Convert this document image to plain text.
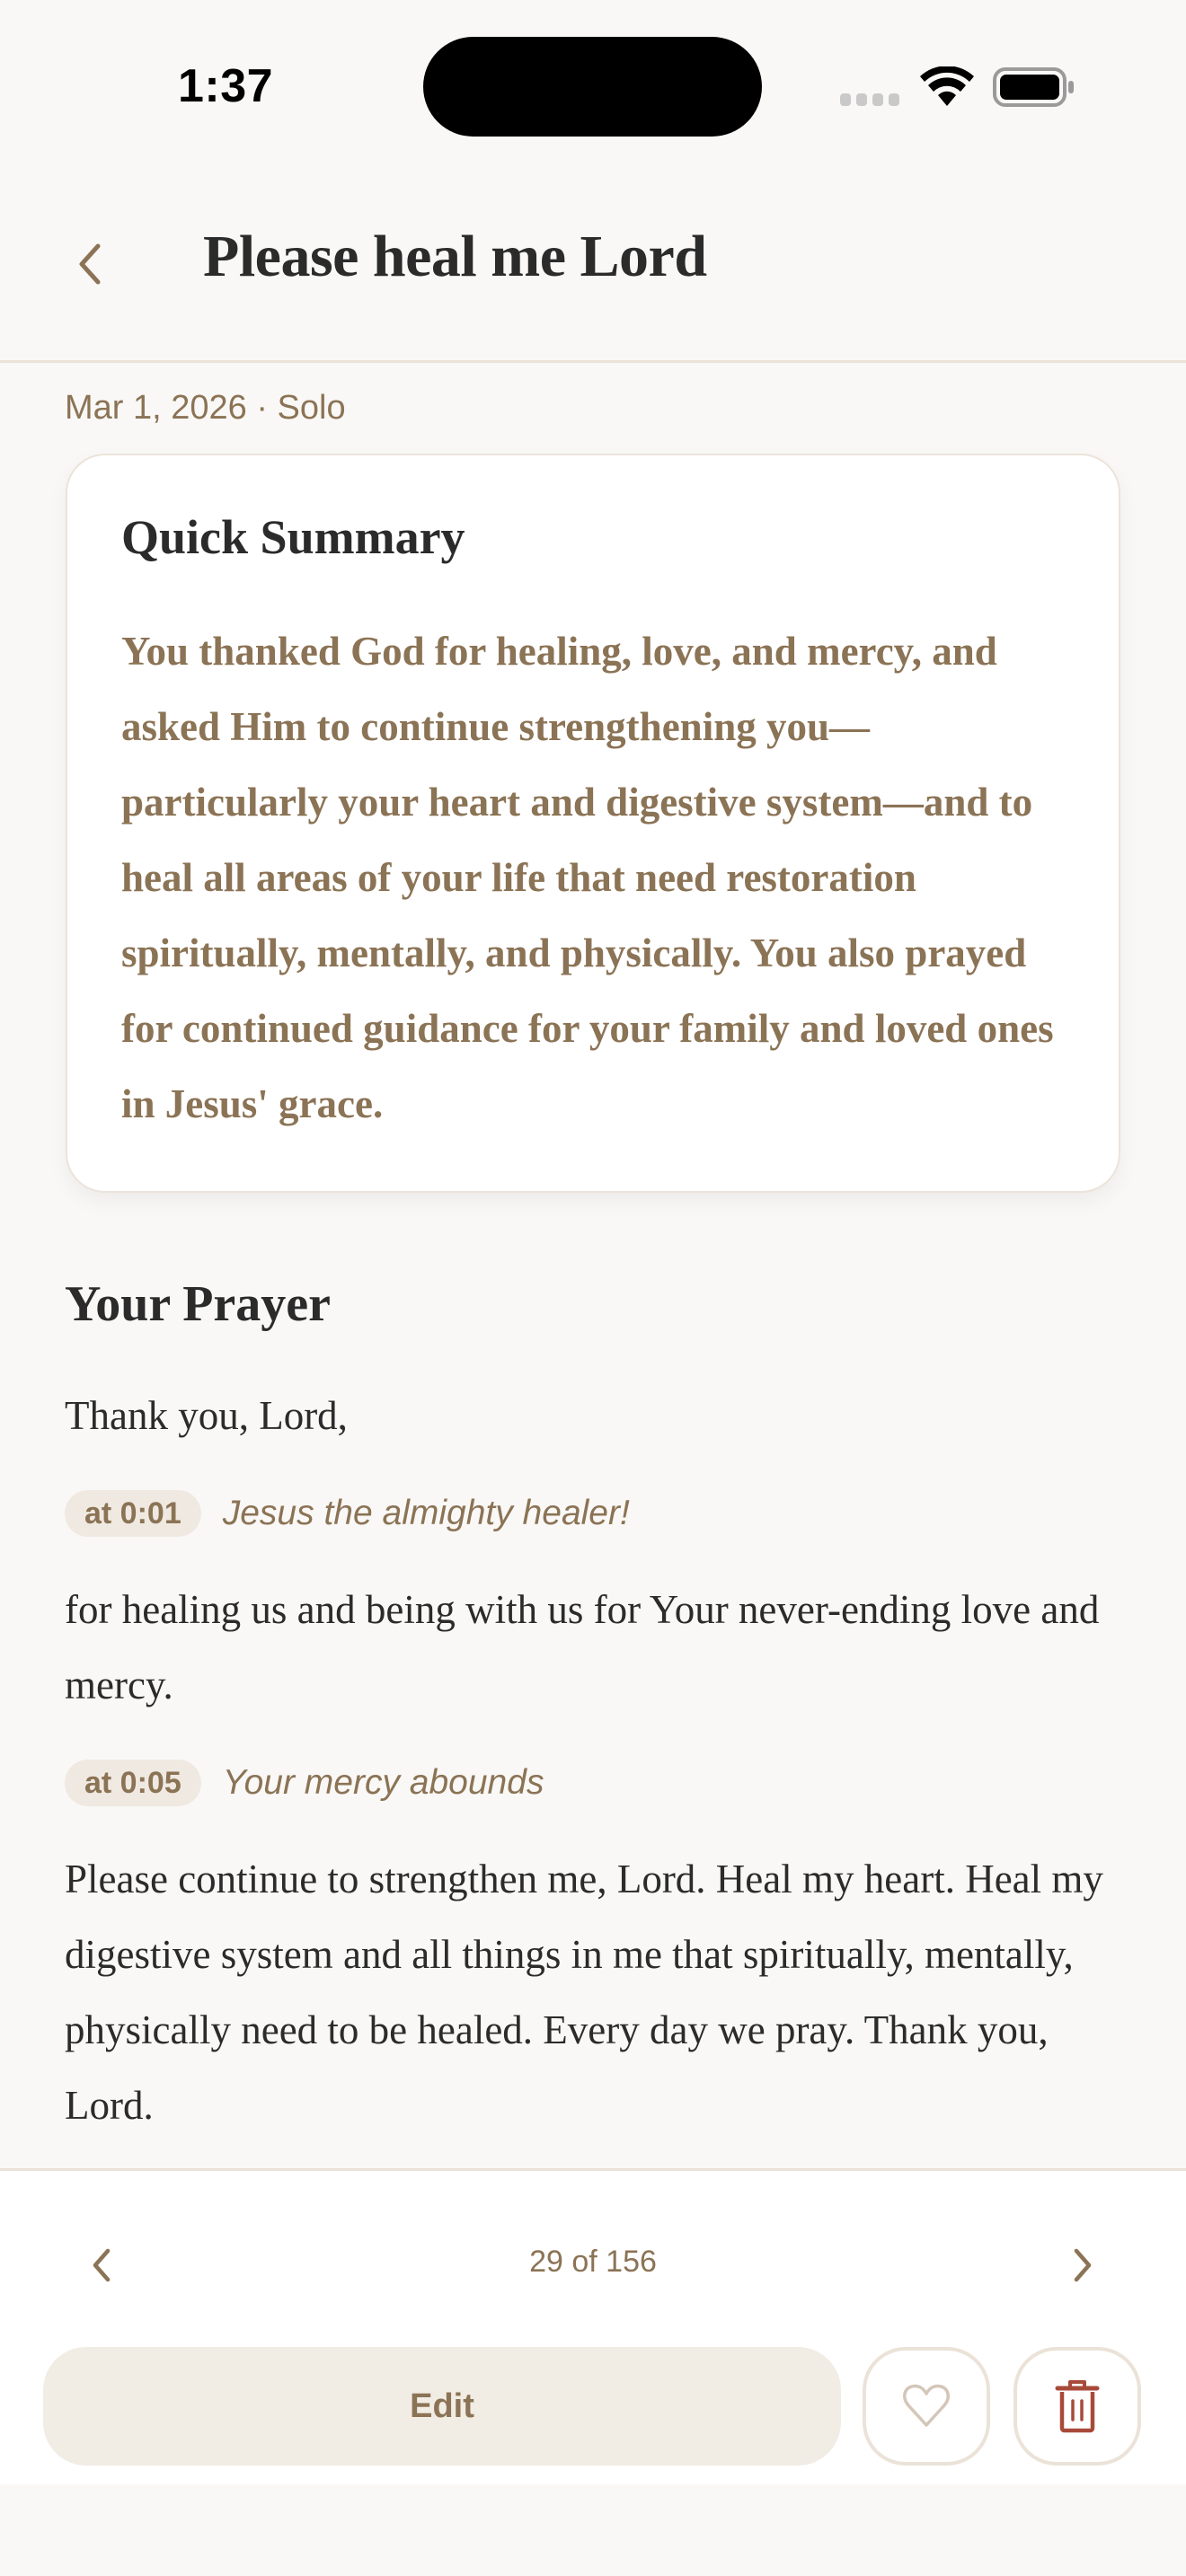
1:37
Please heal me Lord
Mar 1, 2026 · Solo
Quick Summary
You thanked God for healing, love, and mercy, and asked Him to continue strengthening you—particularly your heart and digestive system—and to heal all areas of your life that need restoration spiritually, mentally, and physically. You also prayed for continued guidance for your family and loved ones in Jesus' grace.
Your Prayer
Thank you, Lord,
at 0:01	Jesus the almighty healer!
for healing us and being with us for Your never-ending love and mercy.
at 0:05	Your mercy abounds
Please continue to strengthen me, Lord. Heal my heart. Heal my digestive system and all things in me that spiritually, mentally, physically need to be healed. Every day we pray. Thank you, Lord.
29 of 156
Edit
